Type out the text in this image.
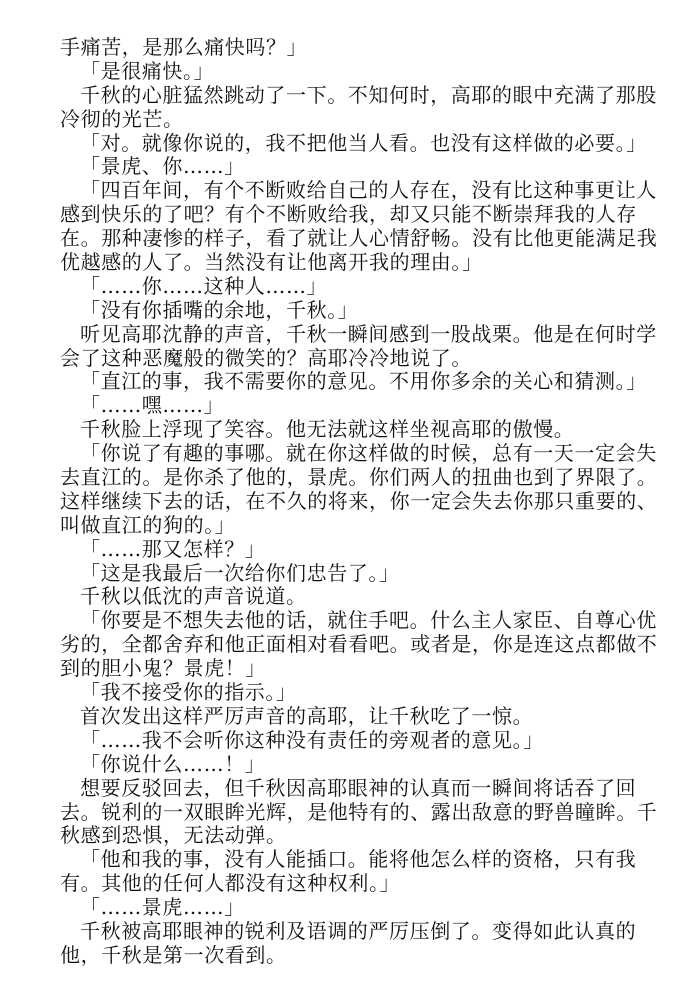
手痛苦，是那么痛快吗？」
「是很痛快。」
千秋的心脏猛然跳动了一下。不知何时，高耶的眼中充满了那股
冷彻的光芒。
「对。就像你说的，我不把他当人看。也没有这样做的必要。」
「景虎、你……」
「四百年间，有个不断败给自己的人存在，没有比这种事更让人
感到快乐的了吧？有个不断败给我，却又只能不断崇拜我的人存
在。那种凄惨的样子，看了就让人心情舒畅。没有比他更能满足我
优越感的人了。当然没有让他离开我的理由。」
「……你……这种人……」
「没有你插嘴的余地，千秋。」
听见高耶沈静的声音，千秋一瞬间感到一股战栗。他是在何时学
会了这种恶魔般的微笑的？高耶冷冷地说了。
「直江的事，我不需要你的意见。不用你多余的关心和猜测。」
「……嘿……」
千秋脸上浮现了笑容。他无法就这样坐视高耶的傲慢。
「你说了有趣的事哪。就在你这样做的时候，总有一天一定会失
去直江的。是你杀了他的，景虎。你们两人的扭曲也到了界限了。
这样继续下去的话，在不久的将来，你一定会失去你那只重要的、
叫做直江的狗的。」
「……那又怎样？」
「这是我最后一次给你们忠告了。」
千秋以低沈的声音说道。
「你要是不想失去他的话，就住手吧。什么主人家臣、自尊心优
劣的，全都舍弃和他正面相对看看吧。或者是，你是连这点都做不
到的胆小鬼？景虎！」
「我不接受你的指示。」
首次发出这样严厉声音的高耶，让千秋吃了一惊。
「……我不会听你这种没有责任的旁观者的意见。」
「你说什么……！」
想要反驳回去，但千秋因高耶眼神的认真而一瞬间将话吞了回
去。锐利的一双眼眸光辉，是他特有的、露出敌意的野兽瞳眸。千
秋感到恐惧，无法动弹。
「他和我的事，没有人能插口。能将他怎么样的资格，只有我
有。其他的任何人都没有这种权利。」
「……景虎……」
千秋被高耶眼神的锐利及语调的严厉压倒了。变得如此认真的
他，千秋是第一次看到。
